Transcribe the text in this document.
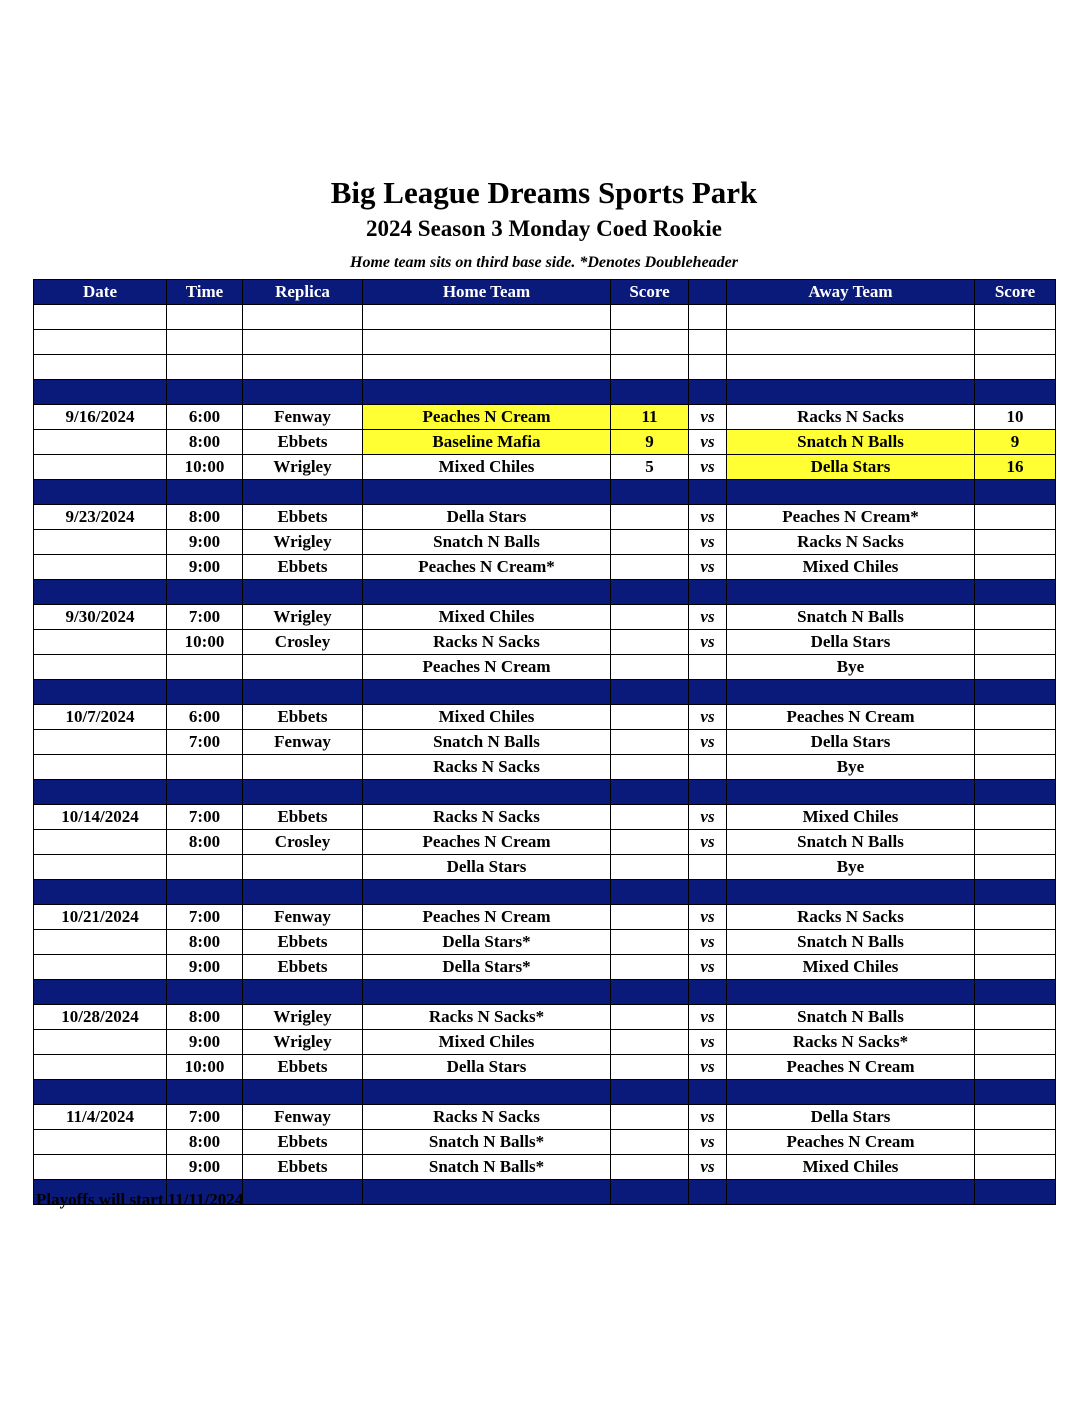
Big League Dreams Sports Park
2024 Season 3 Monday Coed Rookie
Home team sits on third base side. *Denotes Doubleheader
Date	Time	Replica	Home Team	Score		Away Team	Score

9/16/2024	6:00	Fenway	Peaches N Cream	11	vs	Racks N Sacks	10
	8:00	Ebbets	Baseline Mafia	9	vs	Snatch N Balls	9
	10:00	Wrigley	Mixed Chiles	5	vs	Della Stars	16

9/23/2024	8:00	Ebbets	Della Stars		vs	Peaches N Cream*	
	9:00	Wrigley	Snatch N Balls		vs	Racks N Sacks	
	9:00	Ebbets	Peaches N Cream*		vs	Mixed Chiles	

9/30/2024	7:00	Wrigley	Mixed Chiles		vs	Snatch N Balls	
	10:00	Crosley	Racks N Sacks		vs	Della Stars	
			Peaches N Cream			Bye	

10/7/2024	6:00	Ebbets	Mixed Chiles		vs	Peaches N Cream	
	7:00	Fenway	Snatch N Balls		vs	Della Stars	
			Racks N Sacks			Bye	

10/14/2024	7:00	Ebbets	Racks N Sacks		vs	Mixed Chiles	
	8:00	Crosley	Peaches N Cream		vs	Snatch N Balls	
			Della Stars			Bye	

10/21/2024	7:00	Fenway	Peaches N Cream		vs	Racks N Sacks	
	8:00	Ebbets	Della Stars*		vs	Snatch N Balls	
	9:00	Ebbets	Della Stars*		vs	Mixed Chiles	

10/28/2024	8:00	Wrigley	Racks N Sacks*		vs	Snatch N Balls	
	9:00	Wrigley	Mixed Chiles		vs	Racks N Sacks*	
	10:00	Ebbets	Della Stars		vs	Peaches N Cream	

11/4/2024	7:00	Fenway	Racks N Sacks		vs	Della Stars	
	8:00	Ebbets	Snatch N Balls*		vs	Peaches N Cream	
	9:00	Ebbets	Snatch N Balls*		vs	Mixed Chiles	

Playoffs will start 11/11/2024
